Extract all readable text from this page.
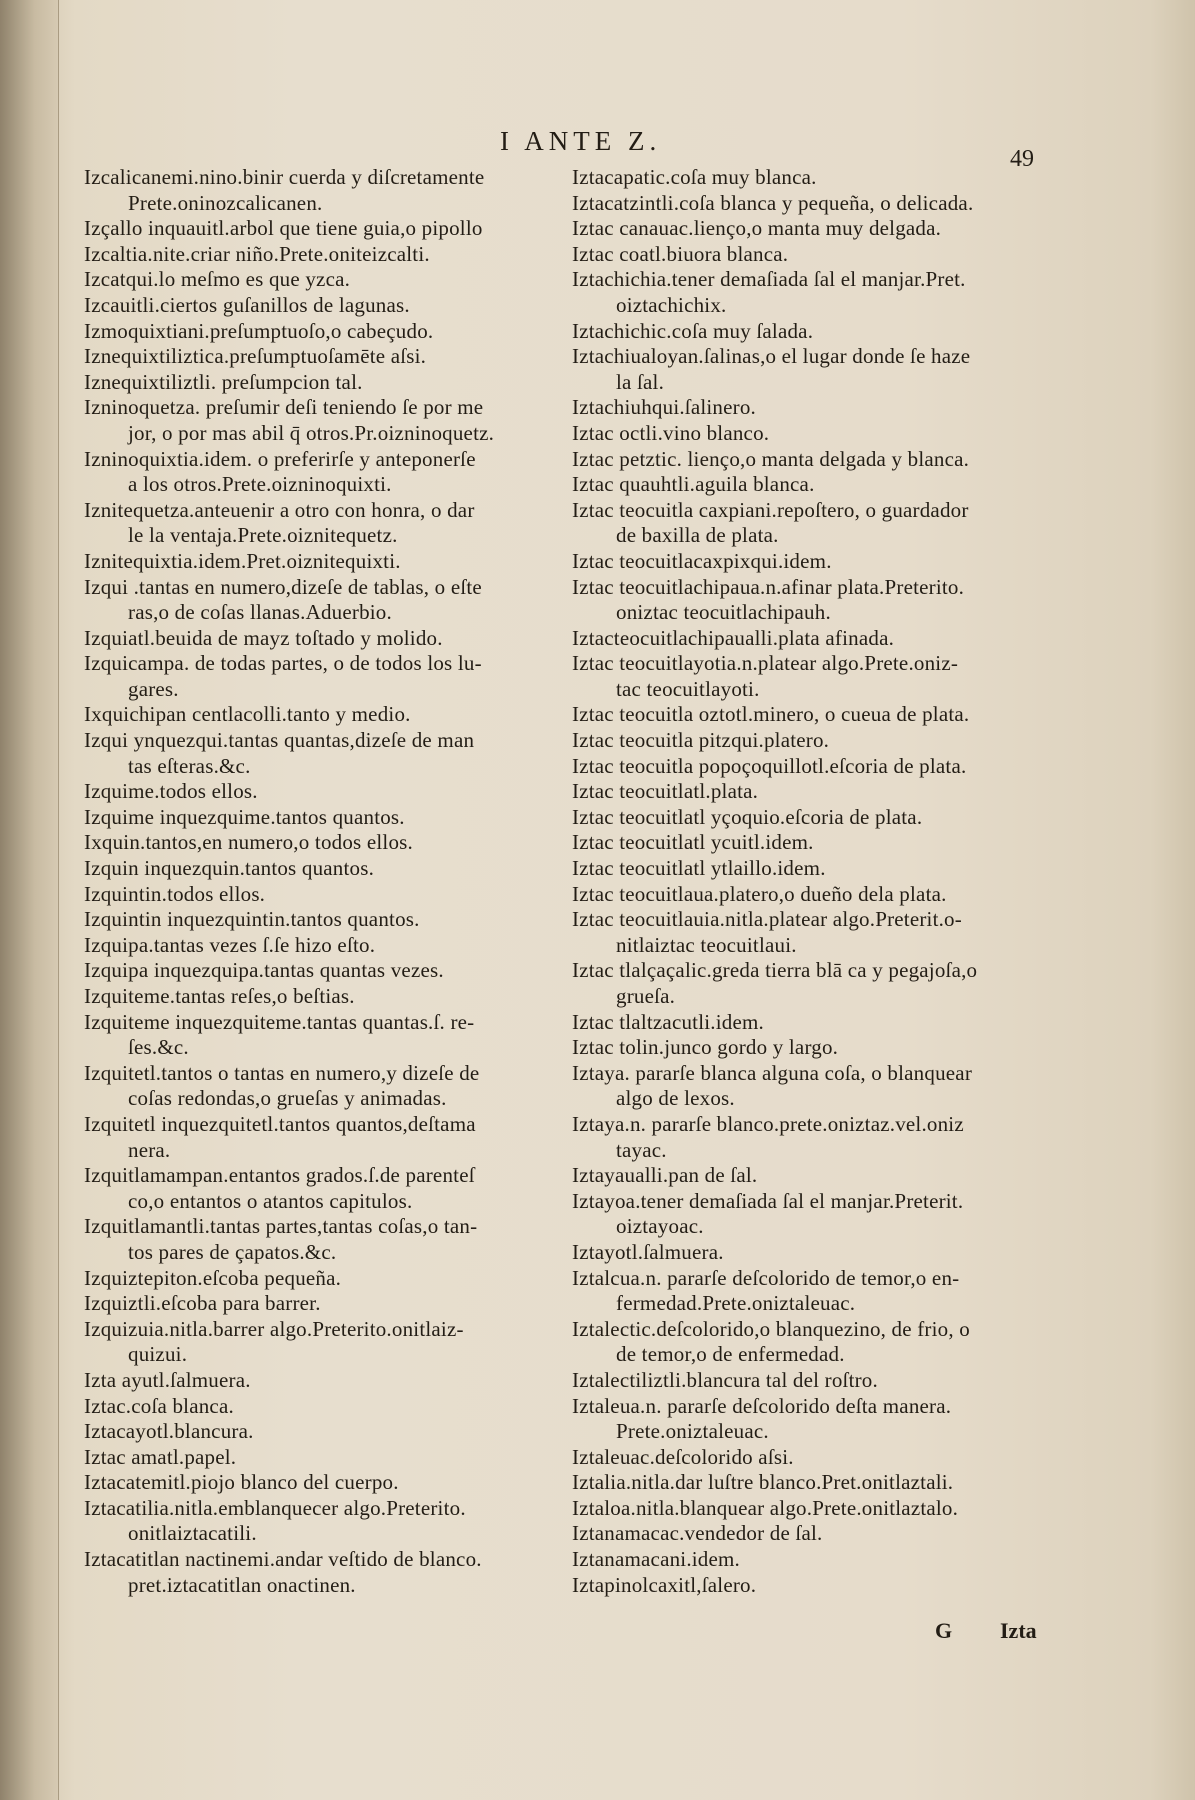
I ANTE Z.
49
Izcalicanemi.nino.binir cuerda y diſcretamente
Prete.oninozcalicanen.
Izçallo inquauitl.arbol que tiene guia,o pipollo
Izcaltia.nite.criar niño.Prete.oniteizcalti.
Izcatqui.lo meſmo es que yzca.
Izcauitli.ciertos guſanillos de lagunas.
Izmoquixtiani.preſumptuoſo,o cabeçudo.
Iznequixtiliztica.preſumptuoſamēte aſsi.
Iznequixtiliztli. preſumpcion tal.
Izninoquetza. preſumir deſi teniendo ſe por me
jor, o por mas abil q̄ otros.Pr.oizninoquetz.
Izninoquixtia.idem. o preferirſe y anteponerſe
a los otros.Prete.oizninoquixti.
Iznitequetza.anteuenir a otro con honra, o dar
le la ventaja.Prete.oiznitequetz.
Iznitequixtia.idem.Pret.oiznitequixti.
Izqui .tantas en numero,dizeſe de tablas, o eſte
ras,o de coſas llanas.Aduerbio.
Izquiatl.beuida de mayz toſtado y molido.
Izquicampa. de todas partes, o de todos los lu-
gares.
Ixquichipan centlacolli.tanto y medio.
Izqui ynquezqui.tantas quantas,dizeſe de man
tas eſteras.&c.
Izquime.todos ellos.
Izquime inquezquime.tantos quantos.
Ixquin.tantos,en numero,o todos ellos.
Izquin inquezquin.tantos quantos.
Izquintin.todos ellos.
Izquintin inquezquintin.tantos quantos.
Izquipa.tantas vezes ſ.ſe hizo eſto.
Izquipa inquezquipa.tantas quantas vezes.
Izquiteme.tantas reſes,o beſtias.
Izquiteme inquezquiteme.tantas quantas.ſ. re-
ſes.&c.
Izquitetl.tantos o tantas en numero,y dizeſe de
coſas redondas,o grueſas y animadas.
Izquitetl inquezquitetl.tantos quantos,deſtama
nera.
Izquitlamampan.entantos grados.ſ.de parenteſ
co,o entantos o atantos capitulos.
Izquitlamantli.tantas partes,tantas coſas,o tan-
tos pares de çapatos.&c.
Izquiztepiton.eſcoba pequeña.
Izquiztli.eſcoba para barrer.
Izquizuia.nitla.barrer algo.Preterito.onitlaiz-
quizui.
Izta ayutl.ſalmuera.
Iztac.coſa blanca.
Iztacayotl.blancura.
Iztac amatl.papel.
Iztacatemitl.piojo blanco del cuerpo.
Iztacatilia.nitla.emblanquecer algo.Preterito.
onitlaiztacatili.
Iztacatitlan nactinemi.andar veſtido de blanco.
pret.iztacatitlan onactinen.
Iztacapatic.coſa muy blanca.
Iztacatzintli.coſa blanca y pequeña, o delicada.
Iztac canauac.lienço,o manta muy delgada.
Iztac coatl.biuora blanca.
Iztachichia.tener demaſiada ſal el manjar.Pret.
oiztachichix.
Iztachichic.coſa muy ſalada.
Iztachiualoyan.ſalinas,o el lugar donde ſe haze
la ſal.
Iztachiuhqui.ſalinero.
Iztac octli.vino blanco.
Iztac petztic. lienço,o manta delgada y blanca.
Iztac quauhtli.aguila blanca.
Iztac teocuitla caxpiani.repoſtero, o guardador
de baxilla de plata.
Iztac teocuitlacaxpixqui.idem.
Iztac teocuitlachipaua.n.afinar plata.Preterito.
oniztac teocuitlachipauh.
Iztacteocuitlachipaualli.plata afinada.
Iztac teocuitlayotia.n.platear algo.Prete.oniz-
tac teocuitlayoti.
Iztac teocuitla oztotl.minero, o cueua de plata.
Iztac teocuitla pitzqui.platero.
Iztac teocuitla popoçoquillotl.eſcoria de plata.
Iztac teocuitlatl.plata.
Iztac teocuitlatl yçoquio.eſcoria de plata.
Iztac teocuitlatl ycuitl.idem.
Iztac teocuitlatl ytlaillo.idem.
Iztac teocuitlaua.platero,o dueño dela plata.
Iztac teocuitlauia.nitla.platear algo.Preterit.o-
nitlaiztac teocuitlaui.
Iztac tlalçaçalic.greda tierra blā ca y pegajoſa,o
grueſa.
Iztac tlaltzacutli.idem.
Iztac tolin.junco gordo y largo.
Iztaya. pararſe blanca alguna coſa, o blanquear
algo de lexos.
Iztaya.n. pararſe blanco.prete.oniztaz.vel.oniz
tayac.
Iztayaualli.pan de ſal.
Iztayoa.tener demaſiada ſal el manjar.Preterit.
oiztayoac.
Iztayotl.ſalmuera.
Iztalcua.n. pararſe deſcolorido de temor,o en-
fermedad.Prete.oniztaleuac.
Iztalectic.deſcolorido,o blanquezino, de frio, o
de temor,o de enfermedad.
Iztalectiliztli.blancura tal del roſtro.
Iztaleua.n. pararſe deſcolorido deſta manera.
Prete.oniztaleuac.
Iztaleuac.deſcolorido aſsi.
Iztalia.nitla.dar luſtre blanco.Pret.onitlaztali.
Iztaloa.nitla.blanquear algo.Prete.onitlaztalo.
Iztanamacac.vendedor de ſal.
Iztanamacani.idem.
Iztapinolcaxitl,ſalero.
G Izta
